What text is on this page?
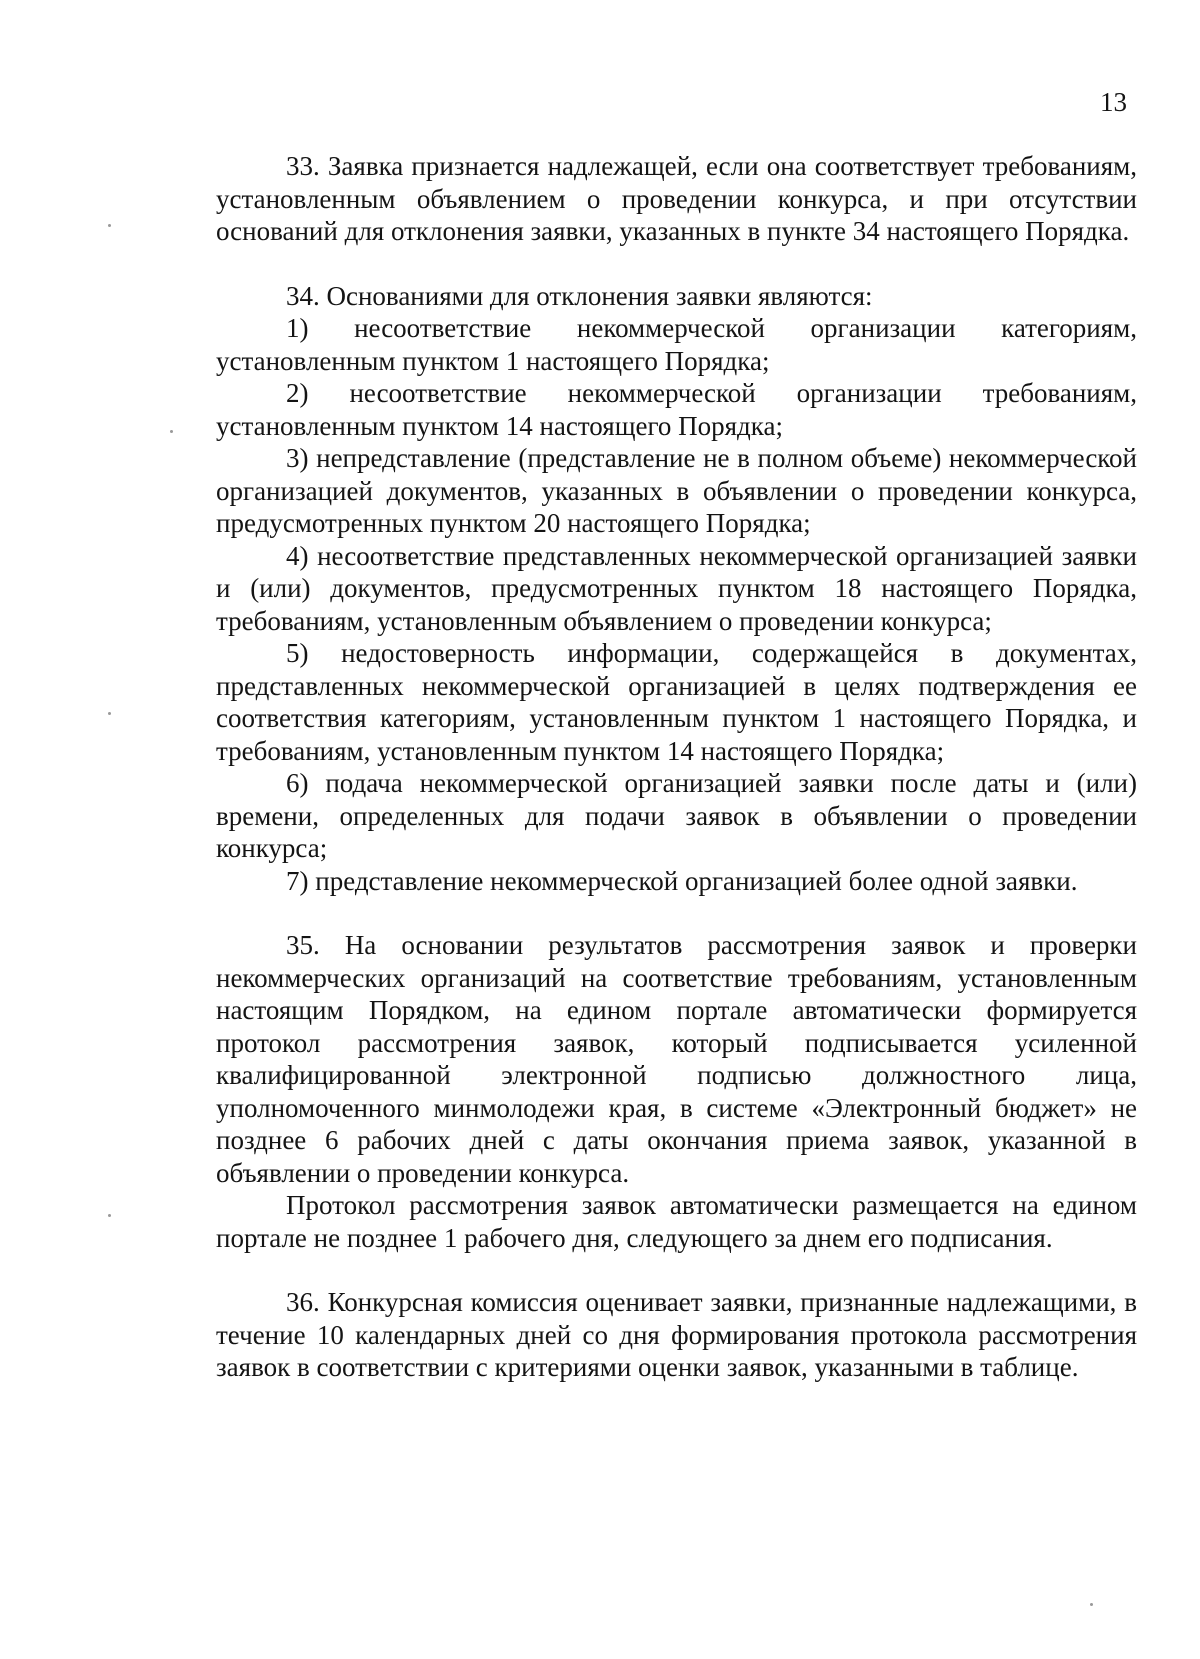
13

33. Заявка признается надлежащей, если она соответствует требованиям, установленным объявлением о проведении конкурса, и при отсутствии оснований для отклонения заявки, указанных в пункте 34 настоящего Порядка.

34. Основаниями для отклонения заявки являются:

1) несоответствие некоммерческой организации категориям, установленным пунктом 1 настоящего Порядка;

2) несоответствие некоммерческой организации требованиям, установленным пунктом 14 настоящего Порядка;

3) непредставление (представление не в полном объеме) некоммерческой организацией документов, указанных в объявлении о проведении конкурса, предусмотренных пунктом 20 настоящего Порядка;

4) несоответствие представленных некоммерческой организацией заявки и (или) документов, предусмотренных пунктом 18 настоящего Порядка, требованиям, установленным объявлением о проведении конкурса;

5) недостоверность информации, содержащейся в документах, представленных некоммерческой организацией в целях подтверждения ее соответствия категориям, установленным пунктом 1 настоящего Порядка, и требованиям, установленным пунктом 14 настоящего Порядка;

6) подача некоммерческой организацией заявки после даты и (или) времени, определенных для подачи заявок в объявлении о проведении конкурса;

7) представление некоммерческой организацией более одной заявки.

35. На основании результатов рассмотрения заявок и проверки некоммерческих организаций на соответствие требованиям, установленным настоящим Порядком, на едином портале автоматически формируется протокол рассмотрения заявок, который подписывается усиленной квалифицированной электронной подписью должностного лица, уполномоченного минмолодежи края, в системе «Электронный бюджет» не позднее 6 рабочих дней с даты окончания приема заявок, указанной в объявлении о проведении конкурса.

Протокол рассмотрения заявок автоматически размещается на едином портале не позднее 1 рабочего дня, следующего за днем его подписания.

36. Конкурсная комиссия оценивает заявки, признанные надлежащими, в течение 10 календарных дней со дня формирования протокола рассмотрения заявок в соответствии с критериями оценки заявок, указанными в таблице.
